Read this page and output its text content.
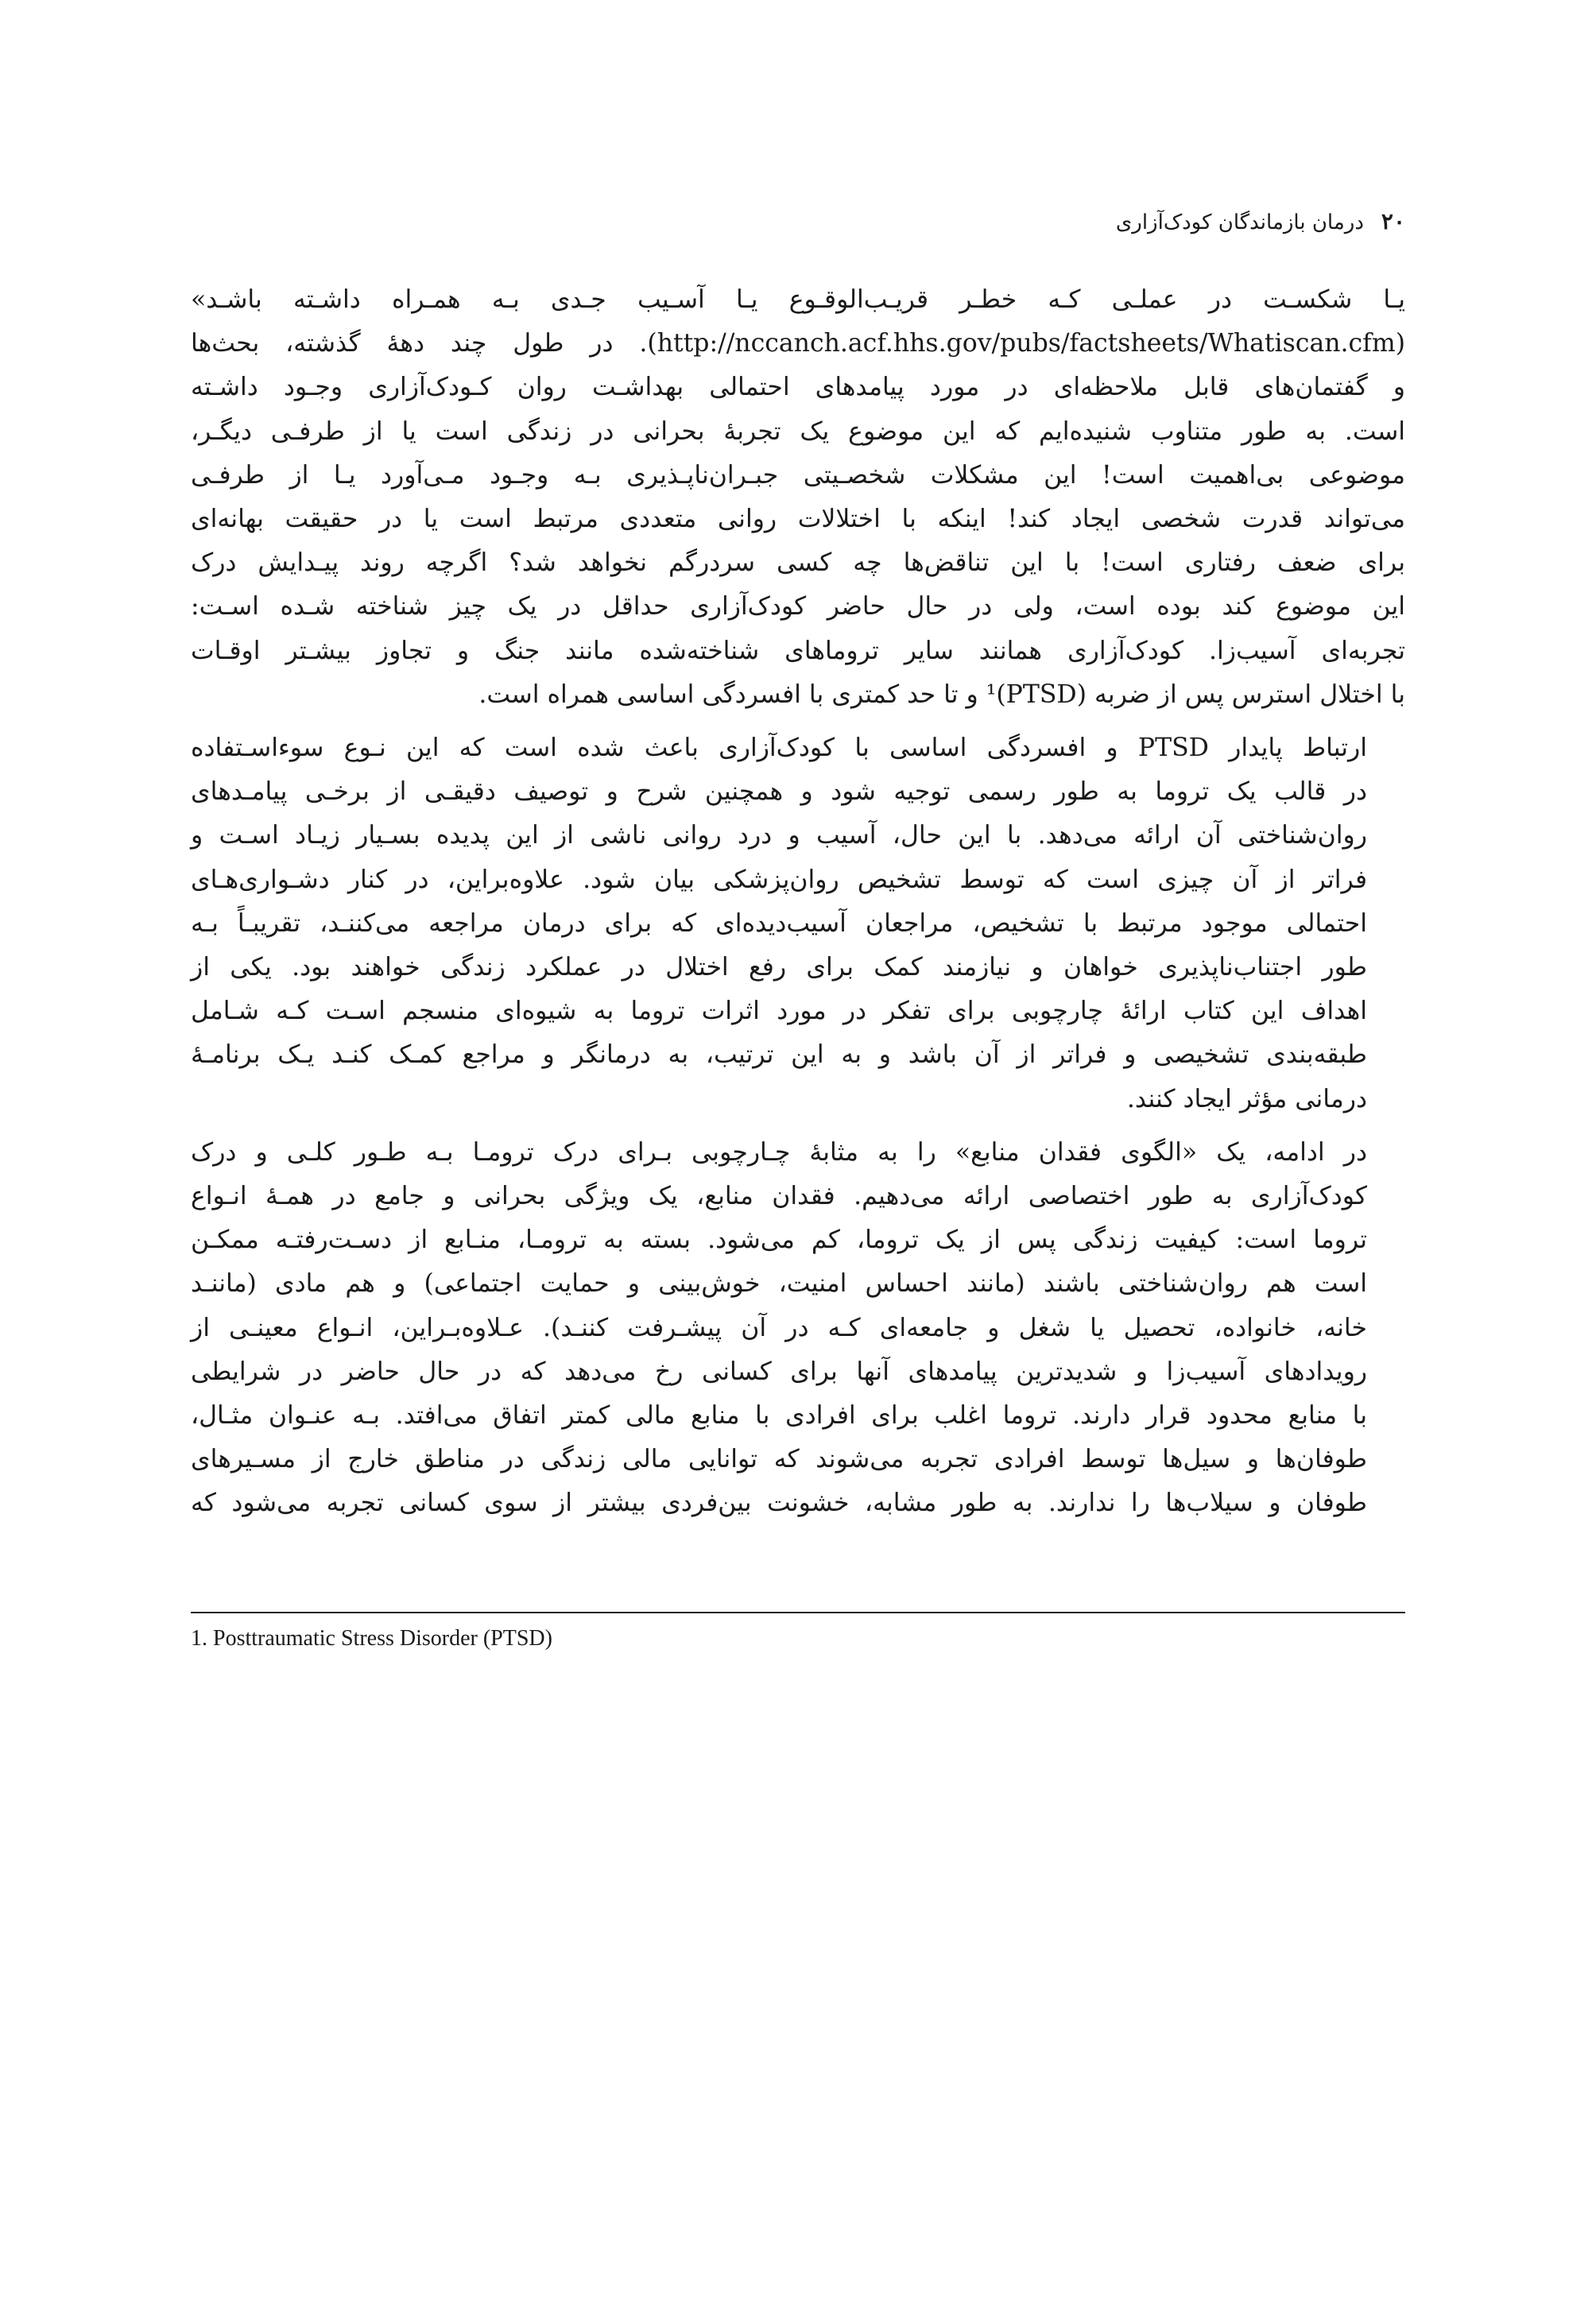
۲۰
درمان بازماندگان کودک‌آزاری
یـا شکسـت در عملـی کـه خطـر قریـب‌الوقـوع یـا آسـیب جـدی بـه همـراه داشـته باشـد»
(http://nccanch.acf.hhs.gov/pubs/factsheets/Whatiscan.cfm). در طول چند دهۀ گذشته، بحث‌ها
و گفتمان‌های قابل ملاحظه‌ای در مورد پیامدهای احتمالی بهداشـت روان کـودک‌آزاری وجـود داشـته
است. به طور متناوب شنیده‌ایم که این موضوع یک تجربۀ بحرانی در زندگی است یا از طرفـی دیگـر،
موضوعی بی‌اهمیت است! این مشکلات شخصـیتی جبـران‌ناپـذیری بـه وجـود مـی‌آورد یـا از طرفـی
می‌تواند قدرت شخصی ایجاد کند! اینکه با اختلالات روانی متعددی مرتبط است یا در حقیقت بهانه‌ای
برای ضعف رفتاری است! با این تناقض‌ها چه کسی سردرگم نخواهد شد؟ اگرچه روند پیـدایش درک
این موضوع کند بوده است، ولی در حال حاضر کودک‌آزاری حداقل در یک چیز شناخته شـده اسـت:
تجربه‌ای آسیب‌زا. کودک‌آزاری همانند سایر تروماهای شناخته‌شده مانند جنگ و تجاوز بیشـتر اوقـات
با اختلال استرس پس از ضربه (PTSD)¹ و تا حد کمتری با افسردگی اساسی همراه است.
ارتباط پایدار PTSD و افسردگی اساسی با کودک‌آزاری باعث شده است که این نـوع سوءاسـتفاده
در قالب یک تروما به طور رسمی توجیه شود و همچنین شرح و توصیف دقیقـی از برخـی پیامـدهای
روان‌شناختی آن ارائه می‌دهد. با این حال، آسیب و درد روانی ناشی از این پدیده بسـیار زیـاد اسـت و
فراتر از آن چیزی است که توسط تشخیص روان‌پزشکی بیان شود. علاوه‌براین، در کنار دشـواری‌هـای
احتمالی موجود مرتبط با تشخیص، مراجعان آسیب‌دیده‌ای که برای درمان مراجعه می‌کننـد، تقریبـاً بـه
طور اجتناب‌ناپذیری خواهان و نیازمند کمک برای رفع اختلال در عملکرد زندگی خواهند بود. یکی از
اهداف این کتاب ارائۀ چارچوبی برای تفکر در مورد اثرات تروما به شیوه‌ای منسجم اسـت کـه شـامل
طبقه‌بندی تشخیصی و فراتر از آن باشد و به این ترتیب، به درمانگر و مراجع کمـک کنـد یـک برنامـۀ
درمانی مؤثر ایجاد کنند.
در ادامه، یک «الگوی فقدان منابع» را به مثابۀ چـارچوبی بـرای درک ترومـا بـه طـور کلـی و درک
کودک‌آزاری به طور اختصاصی ارائه می‌دهیم. فقدان منابع، یک ویژگی بحرانی و جامع در همـۀ انـواع
تروما است: کیفیت زندگی پس از یک تروما، کم می‌شود. بسته به ترومـا، منـابع از دسـت‌رفتـه ممکـن
است هم روان‌شناختی باشند (مانند احساس امنیت، خوش‌بینی و حمایت اجتماعی) و هم مادی (ماننـد
خانه، خانواده، تحصیل یا شغل و جامعه‌ای کـه در آن پیشـرفت کننـد). عـلاوه‌بـراین، انـواع معینـی از
رویدادهای آسیب‌زا و شدیدترین پیامدهای آنها برای کسانی رخ می‌دهد که در حال حاضر در شرایطی
با منابع محدود قرار دارند. تروما اغلب برای افرادی با منابع مالی کمتر اتفاق می‌افتد. بـه عنـوان مثـال،
طوفان‌ها و سیل‌ها توسط افرادی تجربه می‌شوند که توانایی مالی زندگی در مناطق خارج از مسـیرهای
طوفان و سیلاب‌ها را ندارند. به طور مشابه، خشونت بین‌فردی بیشتر از سوی کسانی تجربه می‌شود که
1. Posttraumatic Stress Disorder (PTSD)
